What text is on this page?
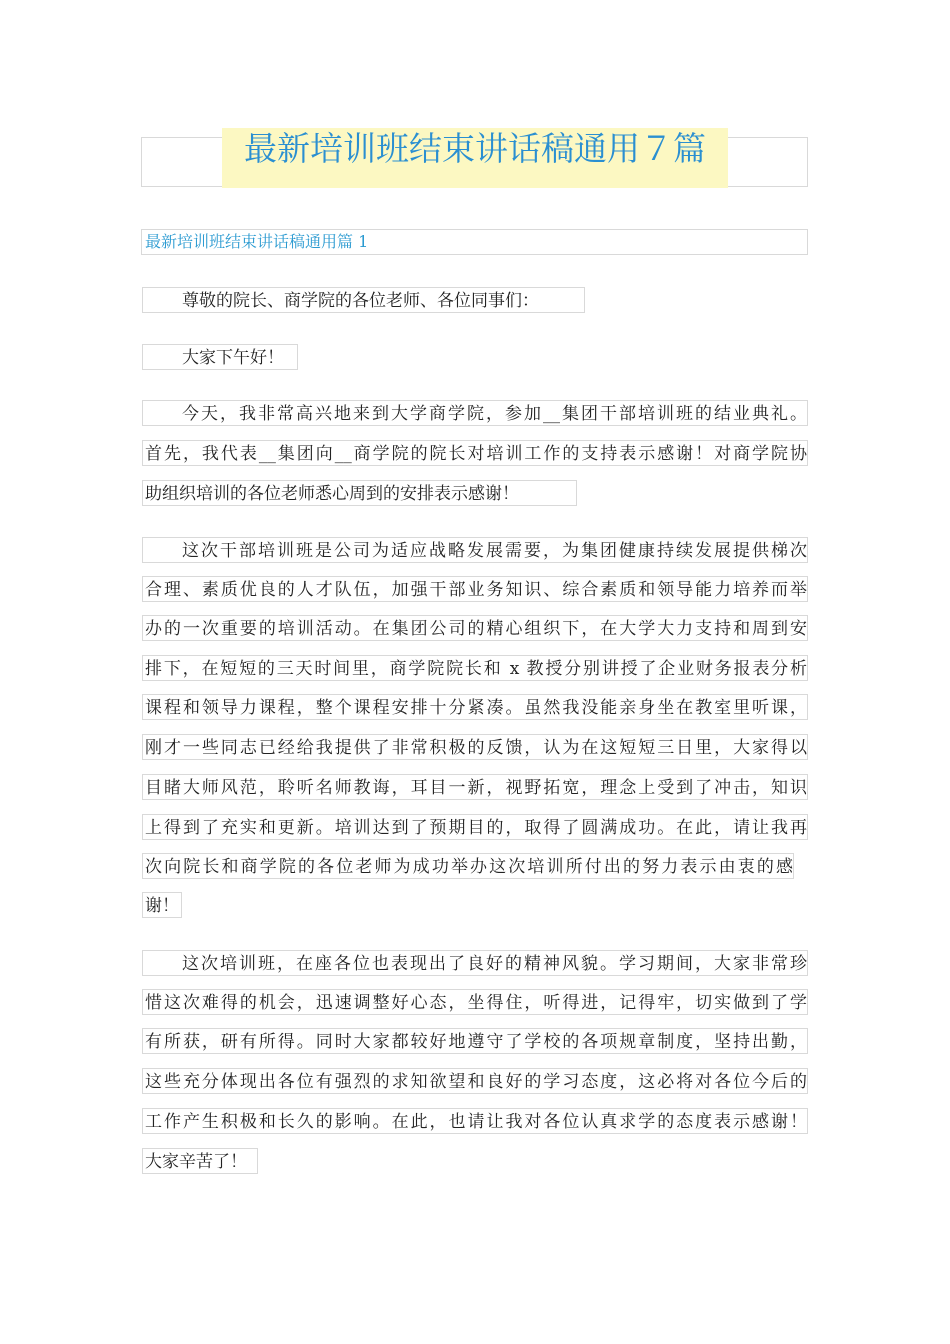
最新培训班结束讲话稿通用７篇
最新培训班结束讲话稿通用篇 1
尊敬的院长、商学院的各位老师、各位同事们：
大家下午好！
今天，我非常高兴地来到大学商学院，参加__集团干部培训班的结业典礼。
首先，我代表__集团向__商学院的院长对培训工作的支持表示感谢！对商学院协
助组织培训的各位老师悉心周到的安排表示感谢！
这次干部培训班是公司为适应战略发展需要，为集团健康持续发展提供梯次
合理、素质优良的人才队伍，加强干部业务知识、综合素质和领导能力培养而举
办的一次重要的培训活动。在集团公司的精心组织下，在大学大力支持和周到安
排下，在短短的三天时间里，商学院院长和 x 教授分别讲授了企业财务报表分析
课程和领导力课程，整个课程安排十分紧凑。虽然我没能亲身坐在教室里听课，
刚才一些同志已经给我提供了非常积极的反馈，认为在这短短三日里，大家得以
目睹大师风范，聆听名师教诲，耳目一新，视野拓宽，理念上受到了冲击，知识
上得到了充实和更新。培训达到了预期目的，取得了圆满成功。在此，请让我再
次向院长和商学院的各位老师为成功举办这次培训所付出的努力表示由衷的感
谢！
这次培训班，在座各位也表现出了良好的精神风貌。学习期间，大家非常珍
惜这次难得的机会，迅速调整好心态，坐得住，听得进，记得牢，切实做到了学
有所获，研有所得。同时大家都较好地遵守了学校的各项规章制度，坚持出勤，
这些充分体现出各位有强烈的求知欲望和良好的学习态度，这必将对各位今后的
工作产生积极和长久的影响。在此，也请让我对各位认真求学的态度表示感谢！
大家辛苦了！
